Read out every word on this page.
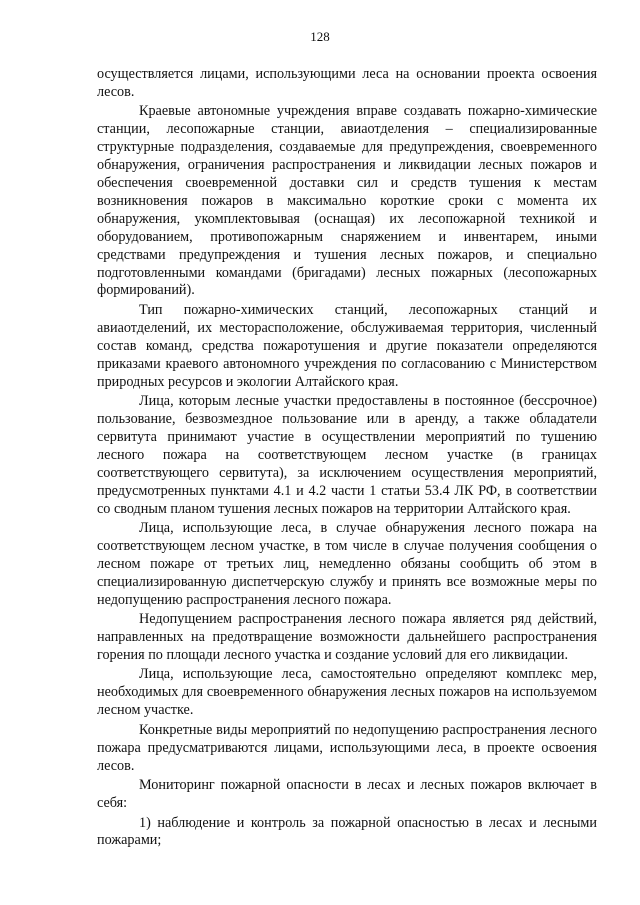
128

осуществляется лицами, использующими леса на основании проекта освоения лесов.

Краевые автономные учреждения вправе создавать пожарно-химические станции, лесопожарные станции, авиаотделения – специализированные структурные подразделения, создаваемые для предупреждения, своевременного обнаружения, ограничения распространения и ликвидации лесных пожаров и обеспечения своевременной доставки сил и средств тушения к местам возникновения пожаров в максимально короткие сроки с момента их обнаружения, укомплектовывая (оснащая) их лесопожарной техникой и оборудованием, противопожарным снаряжением и инвентарем, иными средствами предупреждения и тушения лесных пожаров, и специально подготовленными командами (бригадами) лесных пожарных (лесопожарных формирований).

Тип пожарно-химических станций, лесопожарных станций и авиаотделений, их месторасположение, обслуживаемая территория, численный состав команд, средства пожаротушения и другие показатели определяются приказами краевого автономного учреждения по согласованию с Министерством природных ресурсов и экологии Алтайского края.

Лица, которым лесные участки предоставлены в постоянное (бессрочное) пользование, безвозмездное пользование или в аренду, а также обладатели сервитута принимают участие в осуществлении мероприятий по тушению лесного пожара на соответствующем лесном участке (в границах соответствующего сервитута), за исключением осуществления мероприятий, предусмотренных пунктами 4.1 и 4.2 части 1 статьи 53.4 ЛК РФ, в соответствии со сводным планом тушения лесных пожаров на территории Алтайского края.

Лица, использующие леса, в случае обнаружения лесного пожара на соответствующем лесном участке, в том числе в случае получения сообщения о лесном пожаре от третьих лиц, немедленно обязаны сообщить об этом в специализированную диспетчерскую службу и принять все возможные меры по недопущению распространения лесного пожара.

Недопущением распространения лесного пожара является ряд действий, направленных на предотвращение возможности дальнейшего распространения горения по площади лесного участка и создание условий для его ликвидации.

Лица, использующие леса, самостоятельно определяют комплекс мер, необходимых для своевременного обнаружения лесных пожаров на используемом лесном участке.

Конкретные виды мероприятий по недопущению распространения лесного пожара предусматриваются лицами, использующими леса, в проекте освоения лесов.

Мониторинг пожарной опасности в лесах и лесных пожаров включает в себя:

1) наблюдение и контроль за пожарной опасностью в лесах и лесными пожарами;
